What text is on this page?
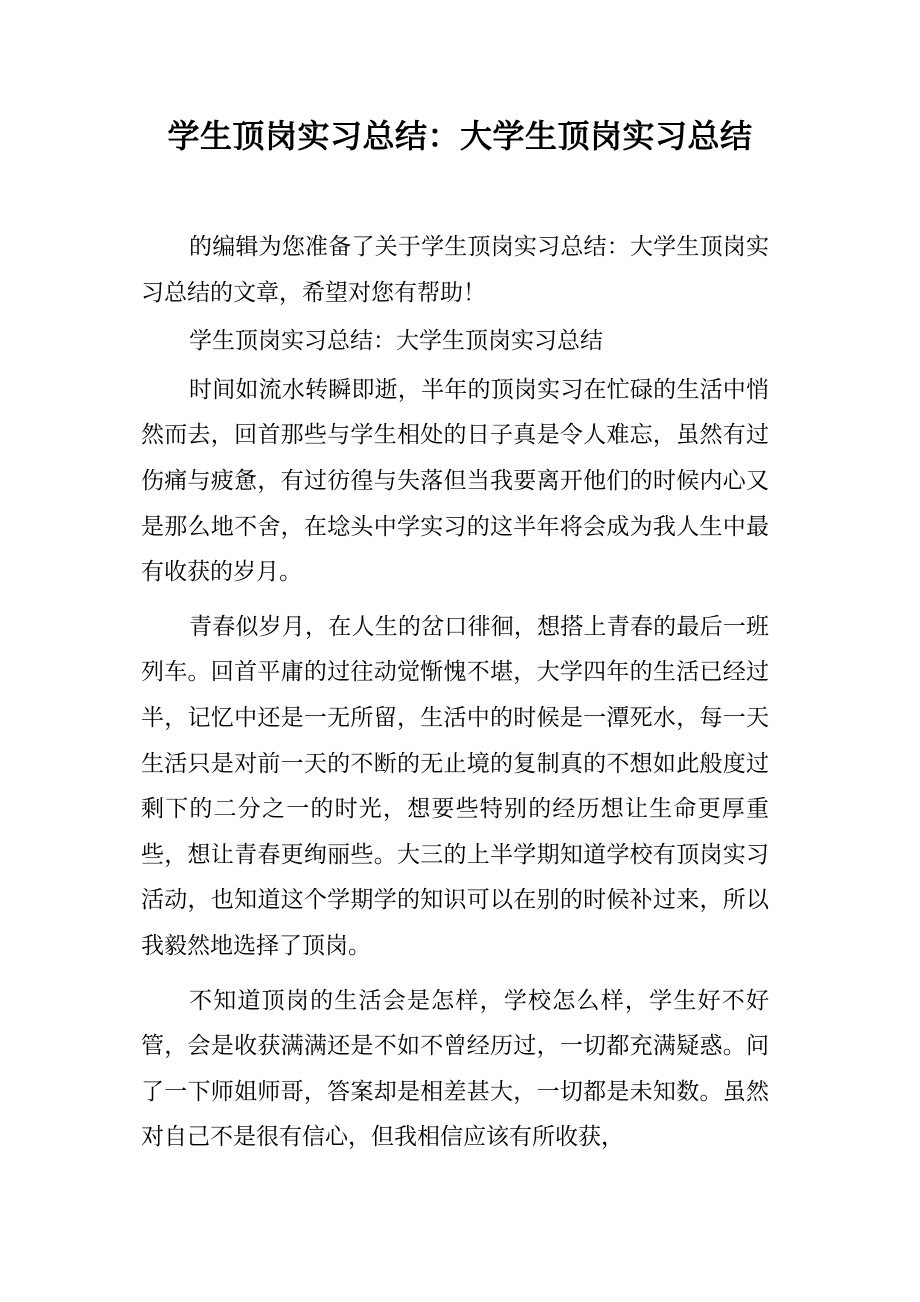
学生顶岗实习总结：大学生顶岗实习总结

的编辑为您准备了关于学生顶岗实习总结：大学生顶岗实习总结的文章，希望对您有帮助！

学生顶岗实习总结：大学生顶岗实习总结

时间如流水转瞬即逝，半年的顶岗实习在忙碌的生活中悄然而去，回首那些与学生相处的日子真是令人难忘，虽然有过伤痛与疲惫，有过彷徨与失落但当我要离开他们的时候内心又是那么地不舍，在埝头中学实习的这半年将会成为我人生中最有收获的岁月。

青春似岁月，在人生的岔口徘徊，想搭上青春的最后一班列车。回首平庸的过往动觉惭愧不堪，大学四年的生活已经过半，记忆中还是一无所留，生活中的时候是一潭死水，每一天生活只是对前一天的不断的无止境的复制真的不想如此般度过剩下的二分之一的时光，想要些特别的经历想让生命更厚重些，想让青春更绚丽些。大三的上半学期知道学校有顶岗实习活动，也知道这个学期学的知识可以在别的时候补过来，所以我毅然地选择了顶岗。

不知道顶岗的生活会是怎样，学校怎么样，学生好不好管，会是收获满满还是不如不曾经历过，一切都充满疑惑。问了一下师姐师哥，答案却是相差甚大，一切都是未知数。虽然对自己不是很有信心，但我相信应该有所收获，
